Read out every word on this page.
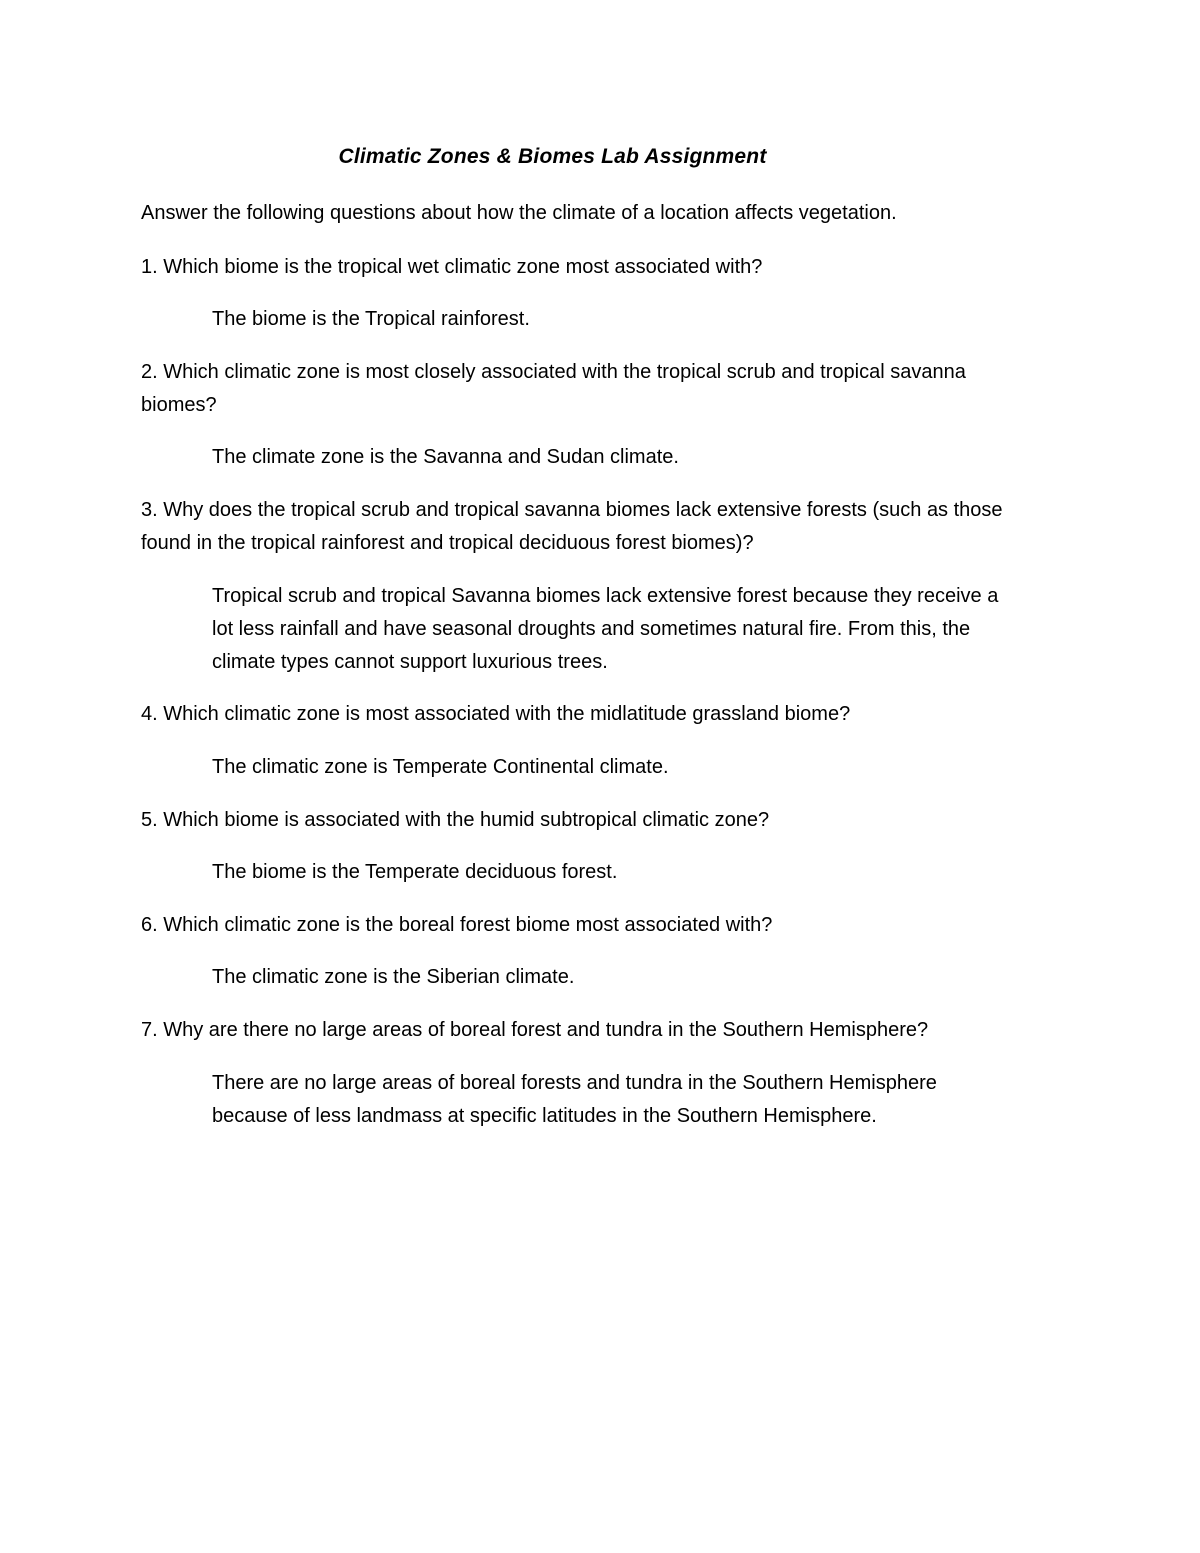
Climatic Zones & Biomes Lab Assignment
Answer the following questions about how the climate of a location affects vegetation.
1. Which biome is the tropical wet climatic zone most associated with?
The biome is the Tropical rainforest.
2. Which climatic zone is most closely associated with the tropical scrub and tropical savanna
biomes?
The climate zone is the Savanna and Sudan climate.
3. Why does the tropical scrub and tropical savanna biomes lack extensive forests (such as those
found in the tropical rainforest and tropical deciduous forest biomes)?
Tropical scrub and tropical Savanna biomes lack extensive forest because they receive a
lot less rainfall and have seasonal droughts and sometimes natural fire. From this, the
climate types cannot support luxurious trees.
4. Which climatic zone is most associated with the midlatitude grassland biome?
The climatic zone is Temperate Continental climate.
5. Which biome is associated with the humid subtropical climatic zone?
The biome is the Temperate deciduous forest.
6. Which climatic zone is the boreal forest biome most associated with?
The climatic zone is the Siberian climate.
7. Why are there no large areas of boreal forest and tundra in the Southern Hemisphere?
There are no large areas of boreal forests and tundra in the Southern Hemisphere
because of less landmass at specific latitudes in the Southern Hemisphere.
